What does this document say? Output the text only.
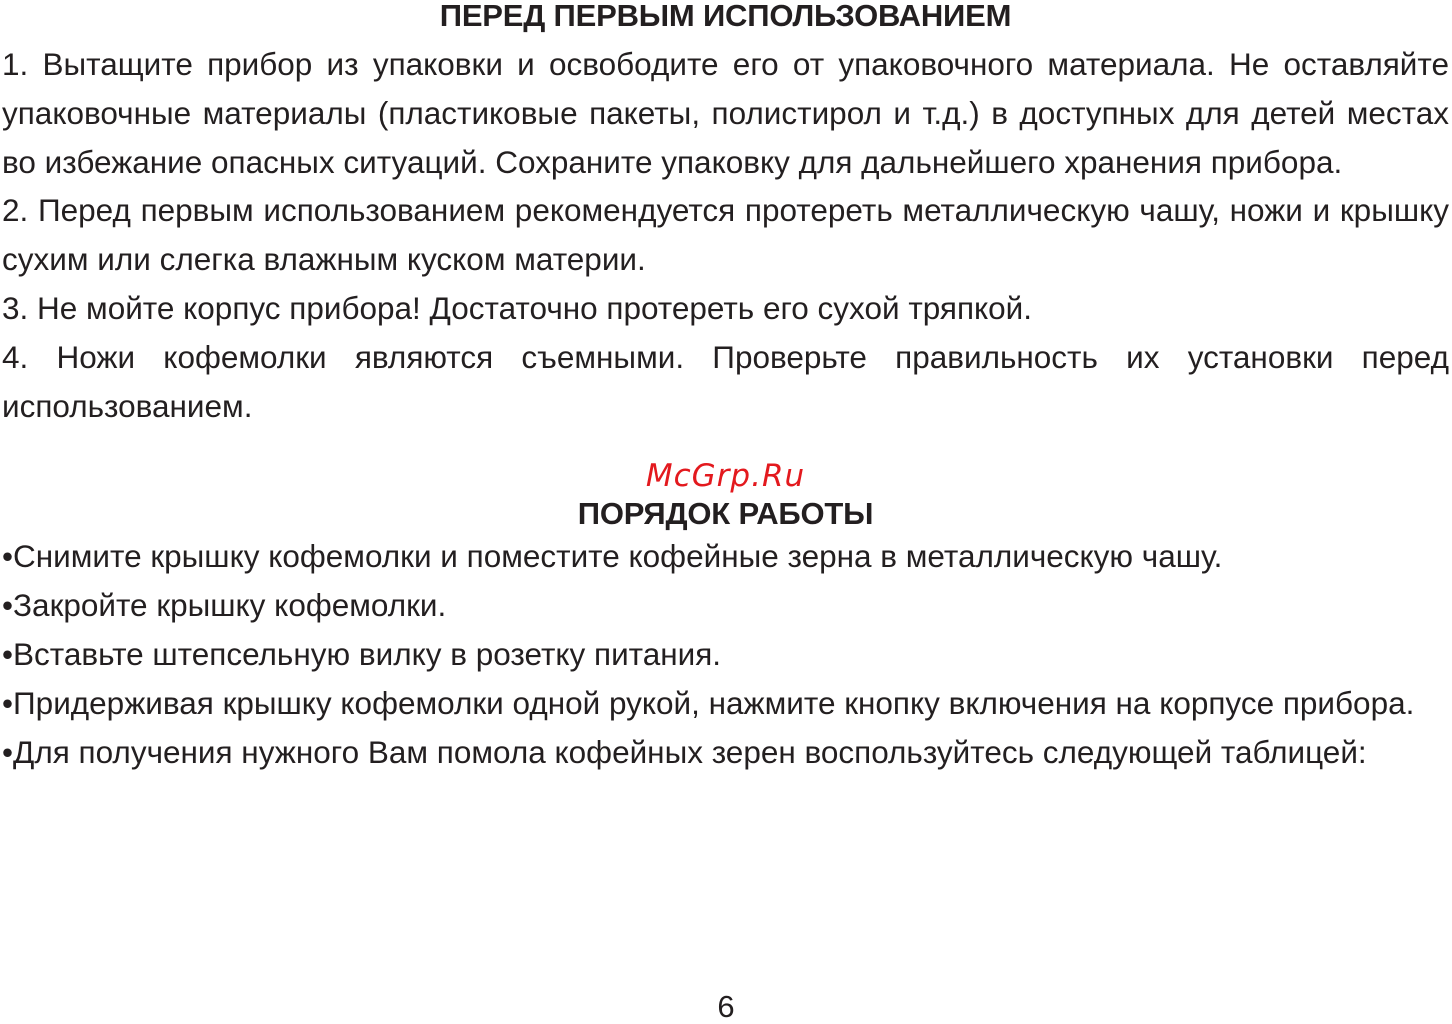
ПЕРЕД ПЕРВЫМ ИСПОЛЬЗОВАНИЕМ

1. Вытащите прибор из упаковки и освободите его от упаковочного материала. Не оставляйте упаковочные материалы (пластиковые пакеты, полистирол и т.д.) в доступных для детей местах во избежание опасных ситуаций. Сохраните упаковку для дальнейшего хранения прибора.

2. Перед первым использованием рекомендуется протереть металлическую чашу, ножи и крышку сухим или слегка влажным куском материи.

3. Не мойте корпус прибора! Достаточно протереть его сухой тряпкой.

4. Ножи кофемолки являются съемными. Проверьте правильность их установки перед использованием.

McGrp.Ru
ПОРЯДОК РАБОТЫ
•Снимите крышку кофемолки и поместите кофейные зерна в металлическую чашу.
•Закройте крышку кофемолки.
•Вставьте штепсельную вилку в розетку питания.
•Придерживая крышку кофемолки одной рукой, нажмите кнопку включения на корпусе прибора.
•Для получения нужного Вам помола кофейных зерен воспользуйтесь следующей таблицей:
6
